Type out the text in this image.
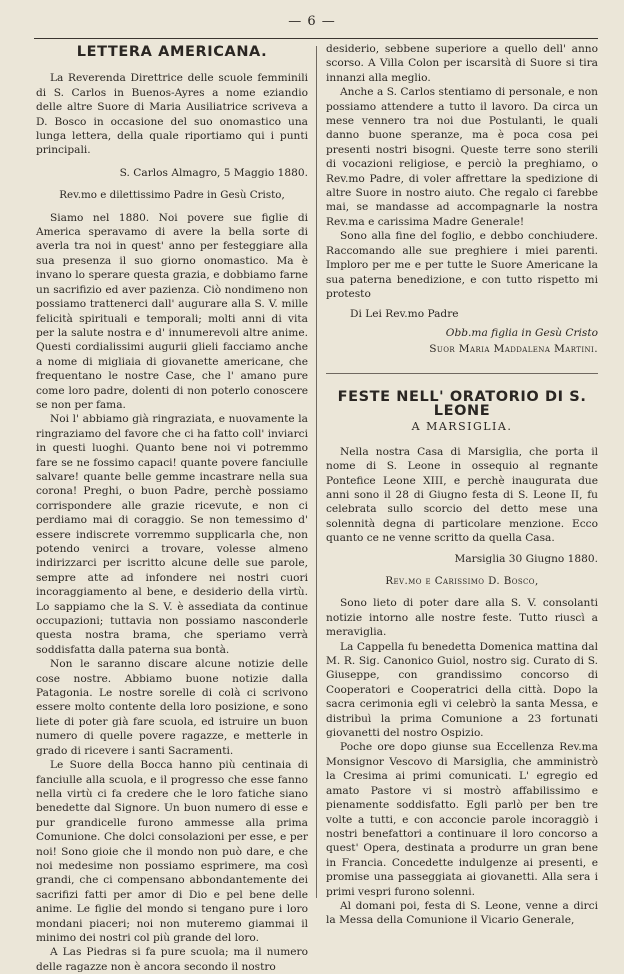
— 6 —
LETTERA AMERICANA.

La Reverenda Direttrice delle scuole femminili di S. Carlos in Buenos-Ayres a nome eziandio delle altre Suore di Maria Ausiliatrice scriveva a D. Bosco in occasione del suo onomastico una lunga lettera, della quale riportiamo qui i punti principali.

S. Carlos Almagro, 5 Maggio 1880.

Rev.mo e dilettissimo Padre in Gesù Cristo,

Siamo nel 1880. Noi povere sue figlie di America speravamo di avere la bella sorte di averla tra noi in quest' anno per festeggiare alla sua presenza il suo giorno onomastico. Ma è invano lo sperare questa grazia, e dobbiamo farne un sacrifizio ed aver pazienza. Ciò nondimeno non possiamo trattenerci dall' augurare alla S. V. mille felicità spirituali e temporali; molti anni di vita per la salute nostra e d' innumerevoli altre anime. Questi cordialissimi augurii glieli facciamo anche a nome di migliaia di giovanette americane, che frequentano le nostre Case, che l' amano pure come loro padre, dolenti di non poterlo conoscere se non per fama.

Noi l' abbiamo già ringraziata, e nuovamente la ringraziamo del favore che ci ha fatto coll' inviarci in questi luoghi. Quanto bene noi vi potremmo fare se ne fossimo capaci! quante povere fanciulle salvare! quante belle gemme incastrare nella sua corona! Preghi, o buon Padre, perchè possiamo corrispondere alle grazie ricevute, e non ci perdiamo mai di coraggio. Se non temessimo d' essere indiscrete vorremmo supplicarla che, non potendo venirci a trovare, volesse almeno indirizzarci per iscritto alcune delle sue parole, sempre atte ad infondere nei nostri cuori incoraggiamento al bene, e desiderio della virtù. Lo sappiamo che la S. V. è assediata da continue occupazioni; tuttavia non possiamo nasconderle questa nostra brama, che speriamo verrà soddisfatta dalla paterna sua bontà.

Non le saranno discare alcune notizie delle cose nostre. Abbiamo buone notizie dalla Patagonia. Le nostre sorelle di colà ci scrivono essere molto contente della loro posizione, e sono liete di poter già fare scuola, ed istruire un buon numero di quelle povere ragazze, e metterle in grado di ricevere i santi Sacramenti.

Le Suore della Bocca hanno più centinaia di fanciulle alla scuola, e il progresso che esse fanno nella virtù ci fa credere che le loro fatiche siano benedette dal Signore. Un buon numero di esse e pur grandicelle furono ammesse alla prima Comunione. Che dolci consolazioni per esse, e per noi! Sono gioie che il mondo non può dare, e che noi medesime non possiamo esprimere, ma così grandi, che ci compensano abbondantemente dei sacrifizi fatti per amor di Dio e pel bene delle anime. Le figlie del mondo si tengano pure i loro mondani piaceri; noi non muteremo giammai il minimo dei nostri col più grande del loro.

A Las Piedras si fa pure scuola; ma il numero delle ragazze non è ancora secondo il nostro

desiderio, sebbene superiore a quello dell' anno scorso. A Villa Colon per iscarsità di Suore si tira innanzi alla meglio.

Anche a S. Carlos stentiamo di personale, e non possiamo attendere a tutto il lavoro. Da circa un mese vennero tra noi due Postulanti, le quali danno buone speranze, ma è poca cosa pei presenti nostri bisogni. Queste terre sono sterili di vocazioni religiose, e perciò la preghiamo, o Rev.mo Padre, di voler affrettare la spedizione di altre Suore in nostro aiuto. Che regalo ci farebbe mai, se mandasse ad accompagnarle la nostra Rev.ma e carissima Madre Generale!

Sono alla fine del foglio, e debbo conchiudere. Raccomando alle sue preghiere i miei parenti. Imploro per me e per tutte le Suore Americane la sua paterna benedizione, e con tutto rispetto mi protesto

Di Lei Rev.mo Padre

Obb.ma figlia in Gesù Cristo

Suor Maria Maddalena Martini.

FESTE NELL' ORATORIO DI S. LEONE
A MARSIGLIA.

Nella nostra Casa di Marsiglia, che porta il nome di S. Leone in ossequio al regnante Pontefice Leone XIII, e perchè inaugurata due anni sono il 28 di Giugno festa di S. Leone II, fu celebrata sullo scorcio del detto mese una solennità degna di particolare menzione. Ecco quanto ce ne venne scritto da quella Casa.

Marsiglia 30 Giugno 1880.

Rev.mo e Carissimo D. Bosco,

Sono lieto di poter dare alla S. V. consolanti notizie intorno alle nostre feste. Tutto riuscì a meraviglia.

La Cappella fu benedetta Domenica mattina dal M. R. Sig. Canonico Guiol, nostro sig. Curato di S. Giuseppe, con grandissimo concorso di Cooperatori e Cooperatrici della città. Dopo la sacra cerimonia egli vi celebrò la santa Messa, e distribuì la prima Comunione a 23 fortunati giovanetti del nostro Ospizio.

Poche ore dopo giunse sua Eccellenza Rev.ma Monsignor Vescovo di Marsiglia, che amministrò la Cresima ai primi comunicati. L' egregio ed amato Pastore vi si mostrò affabilissimo e pienamente soddisfatto. Egli parlò per ben tre volte a tutti, e con acconcie parole incoraggiò i nostri benefattori a continuare il loro concorso a quest' Opera, destinata a produrre un gran bene in Francia. Concedette indulgenze ai presenti, e promise una passeggiata ai giovanetti. Alla sera i primi vespri furono solenni.

Al domani poi, festa di S. Leone, venne a dirci la Messa della Comunione il Vicario Generale,
